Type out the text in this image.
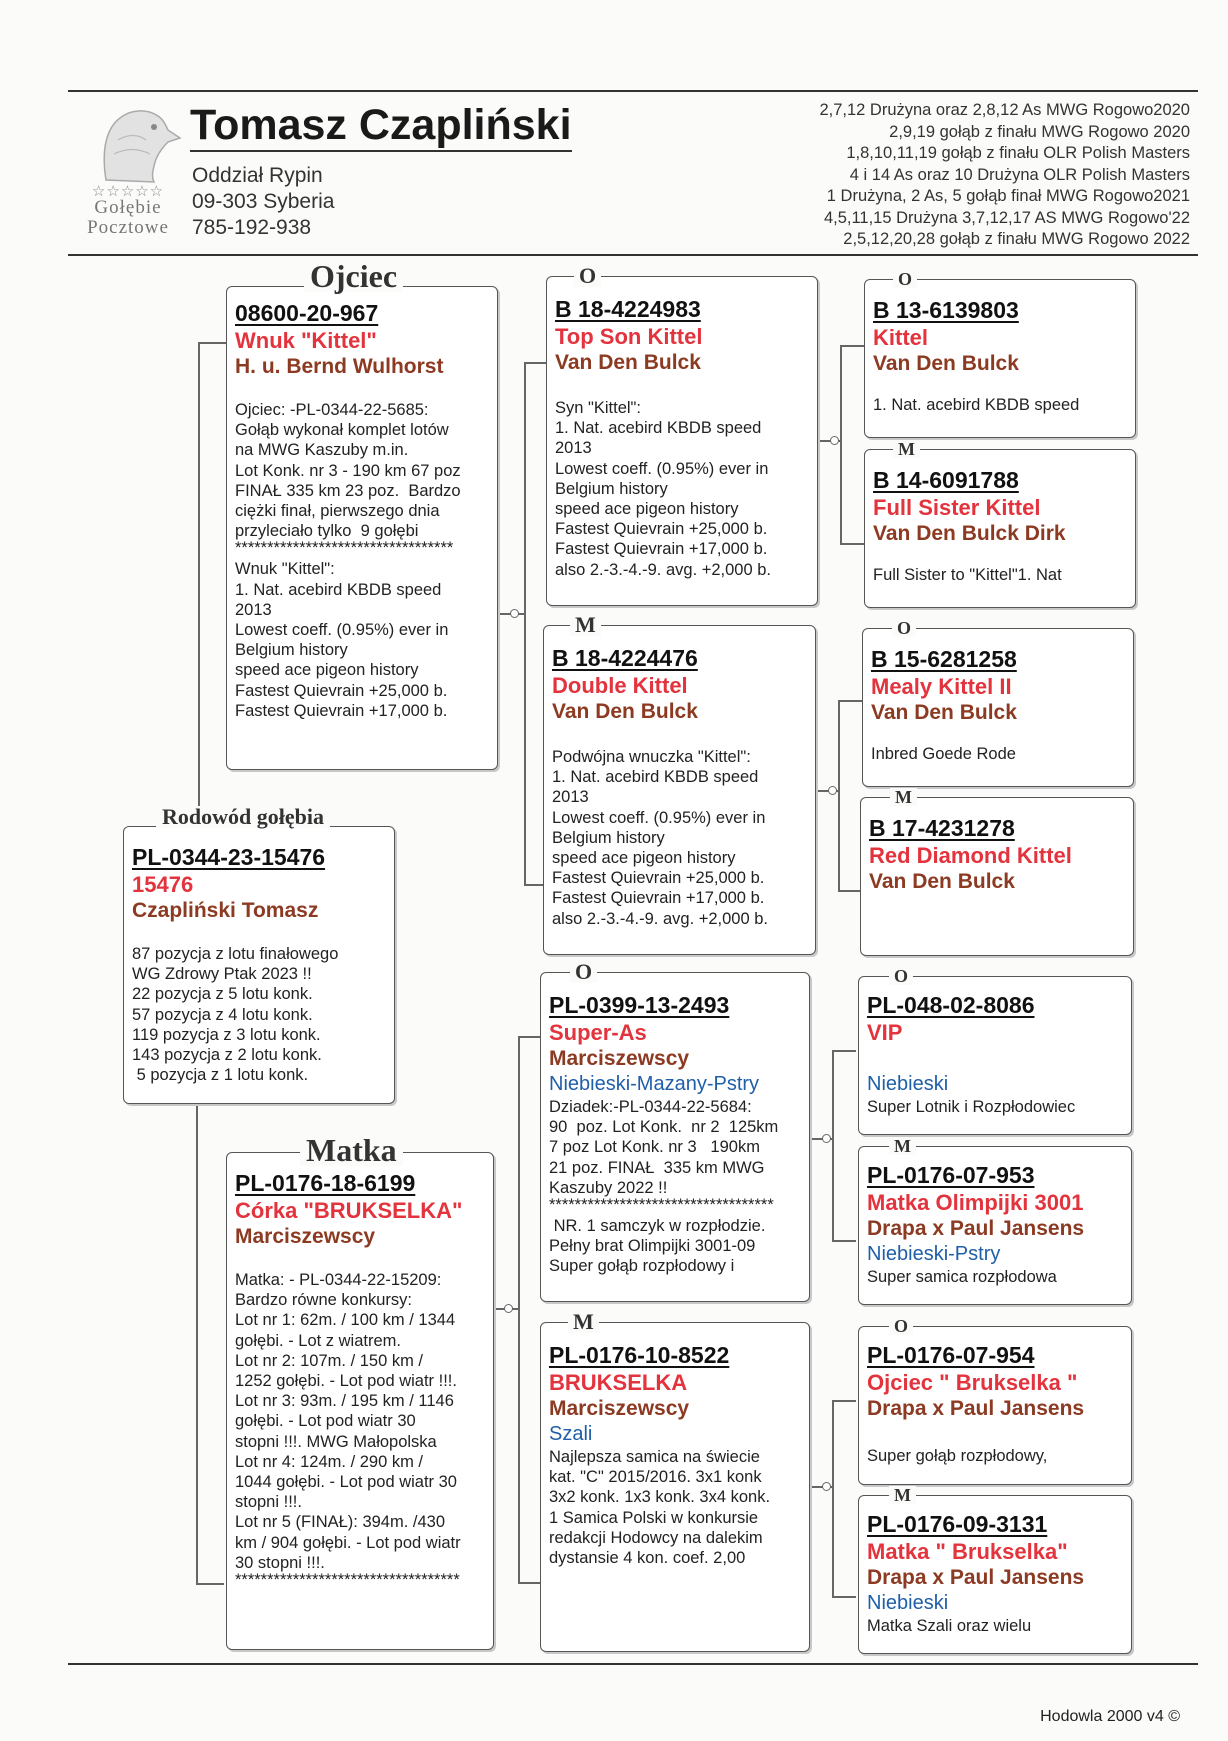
☆☆☆☆☆
Gołębie
Pocztowe
Tomasz Czapliński
Oddział Rypin
09-303 Syberia
785-192-938
2,7,12 Drużyna oraz 2,8,12 As MWG Rogowo2020
2,9,19 gołąb z finału MWG Rogowo 2020
1,8,10,11,19 gołąb z finału OLR Polish Masters
4 i 14 As oraz 10 Drużyna OLR Polish Masters
1 Drużyna, 2 As, 5 gołąb finał MWG Rogowo2021
4,5,11,15 Drużyna 3,7,12,17 AS MWG Rogowo'22
2,5,12,20,28 gołąb z finału MWG Rogowo 2022
PL-0344-23-15476
15476
Czapliński Tomasz
87 pozycja z lotu finałowego
WG Zdrowy Ptak 2023 !!
22 pozycja z 5 lotu konk.
57 pozycja z 4 lotu konk.
119 pozycja z 3 lotu konk.
143 pozycja z 2 lotu konk.
5 pozycja z 1 lotu konk.
Rodowód gołębia
08600-20-967
Wnuk "Kittel"
H. u. Bernd Wulhorst
Ojciec: -PL-0344-22-5685:
Gołąb wykonał komplet lotów
na MWG Kaszuby m.in.
Lot Konk. nr 3 - 190 km 67 poz
FINAŁ 335 km 23 poz.  Bardzo
ciężki finał, pierwszego dnia
przyleciało tylko  9 gołębi
**********************************
Wnuk "Kittel":
1. Nat. acebird KBDB speed
2013
Lowest coeff. (0.95%) ever in
Belgium history
speed ace pigeon history
Fastest Quievrain +25,000 b.
Fastest Quievrain +17,000 b.
Ojciec
PL-0176-18-6199
Córka "BRUKSELKA"
Marciszewscy
Matka: - PL-0344-22-15209:
Bardzo równe konkursy:
Lot nr 1: 62m. / 100 km / 1344
gołębi. - Lot z wiatrem.
Lot nr 2: 107m. / 150 km /
1252 gołębi. - Lot pod wiatr !!!.
Lot nr 3: 93m. / 195 km / 1146
gołębi. - Lot pod wiatr 30
stopni !!!. MWG Małopolska
Lot nr 4: 124m. / 290 km /
1044 gołębi. - Lot pod wiatr 30
stopni !!!.
Lot nr 5 (FINAŁ): 394m. /430
km / 904 gołębi. - Lot pod wiatr
30 stopni !!!.
***********************************
Matka
B 18-4224983
Top Son Kittel
Van Den Bulck
Syn "Kittel":
1. Nat. acebird KBDB speed
2013
Lowest coeff. (0.95%) ever in
Belgium history
speed ace pigeon history
Fastest Quievrain +25,000 b.
Fastest Quievrain +17,000 b.
also 2.-3.-4.-9. avg. +2,000 b.
O
B 18-4224476
Double Kittel
Van Den Bulck
Podwójna wnuczka "Kittel":
1. Nat. acebird KBDB speed
2013
Lowest coeff. (0.95%) ever in
Belgium history
speed ace pigeon history
Fastest Quievrain +25,000 b.
Fastest Quievrain +17,000 b.
also 2.-3.-4.-9. avg. +2,000 b.
M
PL-0399-13-2493
Super-As
Marciszewscy
Niebieski-Mazany-Pstry
Dziadek:-PL-0344-22-5684:
90  poz. Lot Konk.  nr 2  125km
7 poz Lot Konk. nr 3   190km
21 poz. FINAŁ  335 km MWG
Kaszuby 2022 !!
***********************************
NR. 1 samczyk w rozpłodzie.
Pełny brat Olimpijki 3001-09
Super gołąb rozpłodowy i
O
PL-0176-10-8522
BRUKSELKA
Marciszewscy
Szali
Najlepsza samica na świecie
kat. "C" 2015/2016. 3x1 konk
3x2 konk. 1x3 konk. 3x4 konk.
1 Samica Polski w konkursie
redakcji Hodowcy na dalekim
dystansie 4 kon. coef. 2,00
M
B 13-6139803
Kittel
Van Den Bulck
1. Nat. acebird KBDB speed
O
B 14-6091788
Full Sister Kittel
Van Den Bulck Dirk
Full Sister to "Kittel"1. Nat
M
B 15-6281258
Mealy Kittel II
Van Den Bulck
Inbred Goede Rode
O
B 17-4231278
Red Diamond Kittel
Van Den Bulck
M
PL-048-02-8086
VIP
Niebieski
Super Lotnik i Rozpłodowiec
O
PL-0176-07-953
Matka Olimpijki 3001
Drapa x Paul Jansens
Niebieski-Pstry
Super samica rozpłodowa
M
PL-0176-07-954
Ojciec " Brukselka "
Drapa x Paul Jansens
Super gołąb rozpłodowy,
O
PL-0176-09-3131
Matka " Brukselka"
Drapa x Paul Jansens
Niebieski
Matka Szali oraz wielu
M
Hodowla 2000 v4 ©
